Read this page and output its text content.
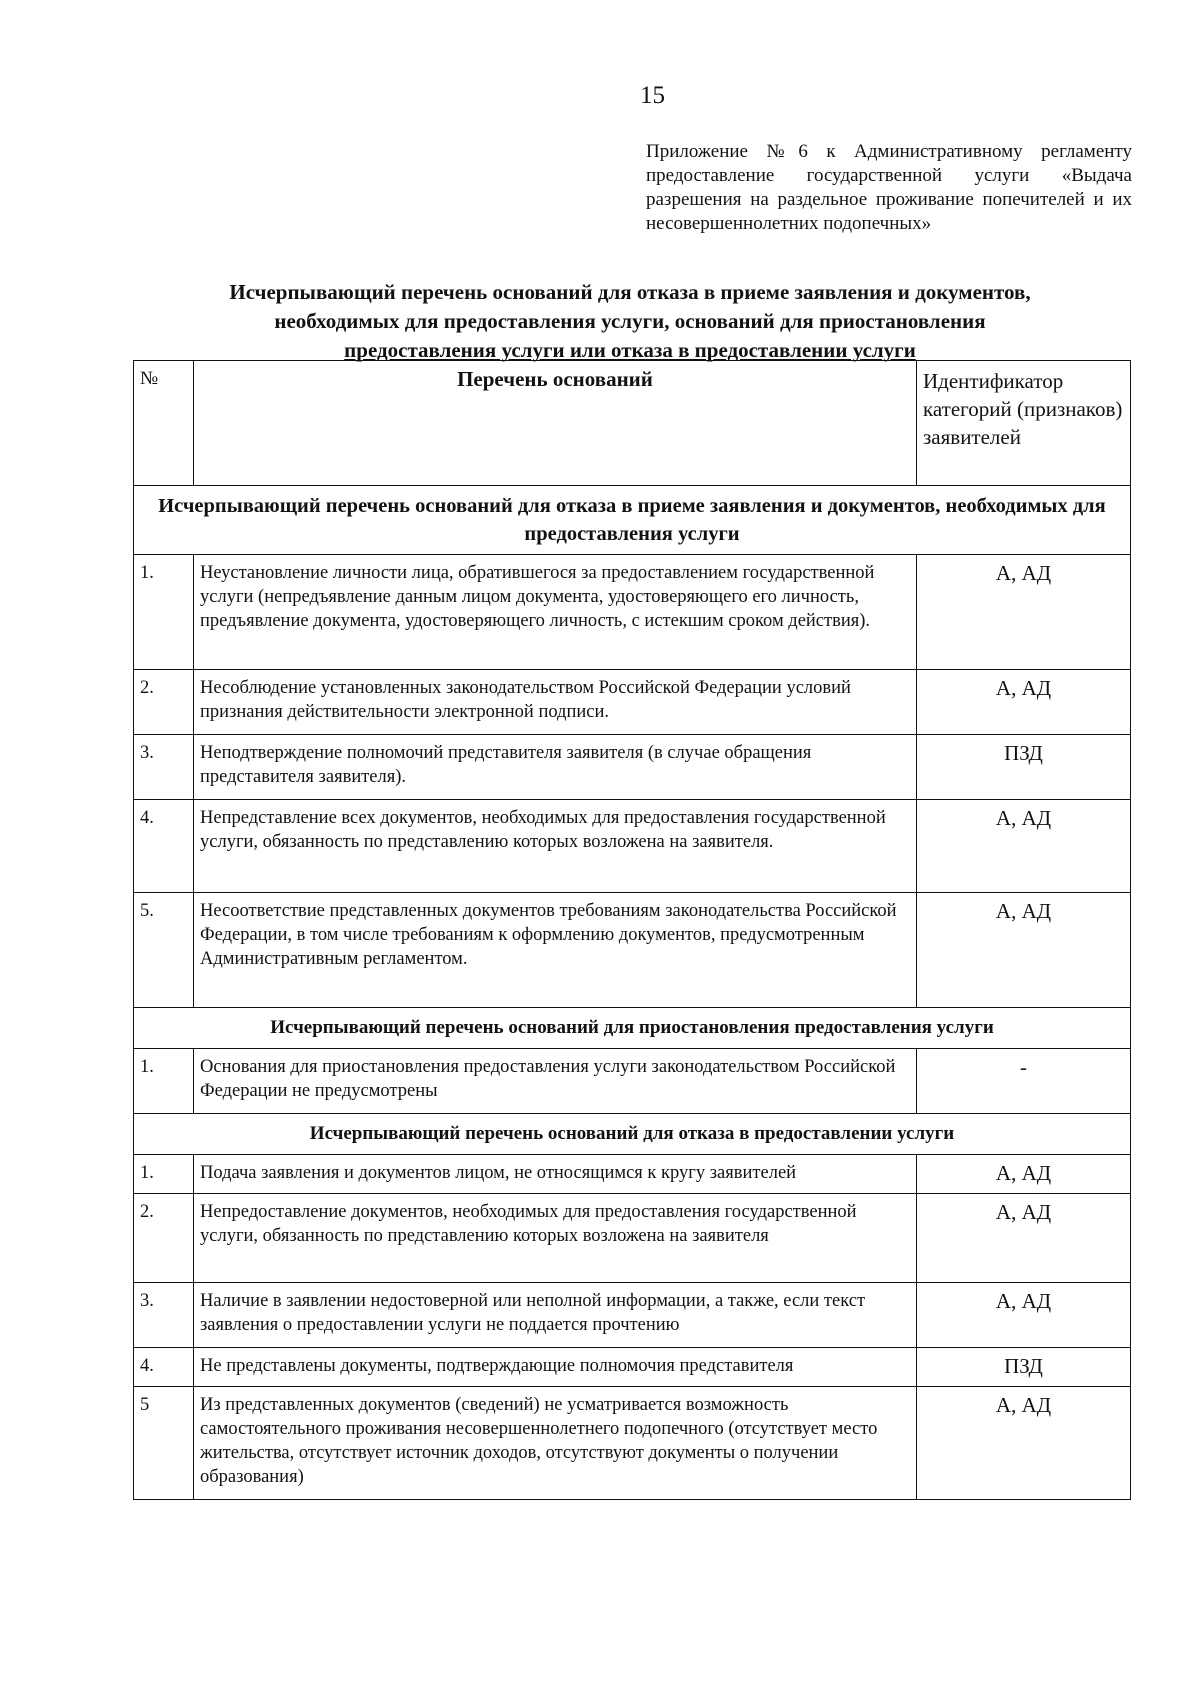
15
Приложение №6 к Административному регламенту предоставление государственной услуги «Выдача разрешения на раздельное проживание попечителей и их несовершеннолетних подопечных»
Исчерпывающий перечень оснований для отказа в приеме заявления и документов,
необходимых для предоставления услуги, оснований для приостановления
предоставления услуги или отказа в предоставлении услуги
№	Перечень оснований	Идентификатор категорий (признаков) заявителей
Исчерпывающий перечень оснований для отказа в приеме заявления и документов, необходимых для предоставления услуги		
1.	Неустановление личности лица, обратившегося за предоставлением государственной услуги (непредъявление данным лицом документа, удостоверяющего его личность, предъявление документа, удостоверяющего личность, с истекшим сроком действия).	А, АД
2.	Несоблюдение установленных законодательством Российской Федерации условий признания действительности электронной подписи.	А, АД
3.	Неподтверждение полномочий представителя заявителя (в случае обращения представителя заявителя).	ПЗД
4.	Непредставление всех документов, необходимых для предоставления государственной услуги, обязанность по представлению которых возложена на заявителя.	А, АД
5.	Несоответствие представленных документов требованиям законодательства Российской Федерации, в том числе требованиям к оформлению документов, предусмотренным Административным регламентом.	А, АД
Исчерпывающий перечень оснований для приостановления предоставления услуги		
1.	Основания для приостановления предоставления услуги законодательством Российской Федерации не предусмотрены	-
Исчерпывающий перечень оснований для отказа в предоставлении услуги		
1.	Подача заявления и документов лицом, не относящимся к кругу заявителей	А, АД
2.	Непредоставление документов, необходимых для предоставления государственной услуги, обязанность по представлению которых возложена на заявителя	А, АД
3.	Наличие в заявлении недостоверной или неполной информации, а также, если текст заявления о предоставлении услуги не поддается прочтению	А, АД
4.	Не представлены документы, подтверждающие полномочия представителя	ПЗД
5	Из представленных документов (сведений) не усматривается возможность самостоятельного проживания несовершеннолетнего подопечного (отсутствует место жительства, отсутствует источник доходов, отсутствуют документы о получении образования)	А, АД
